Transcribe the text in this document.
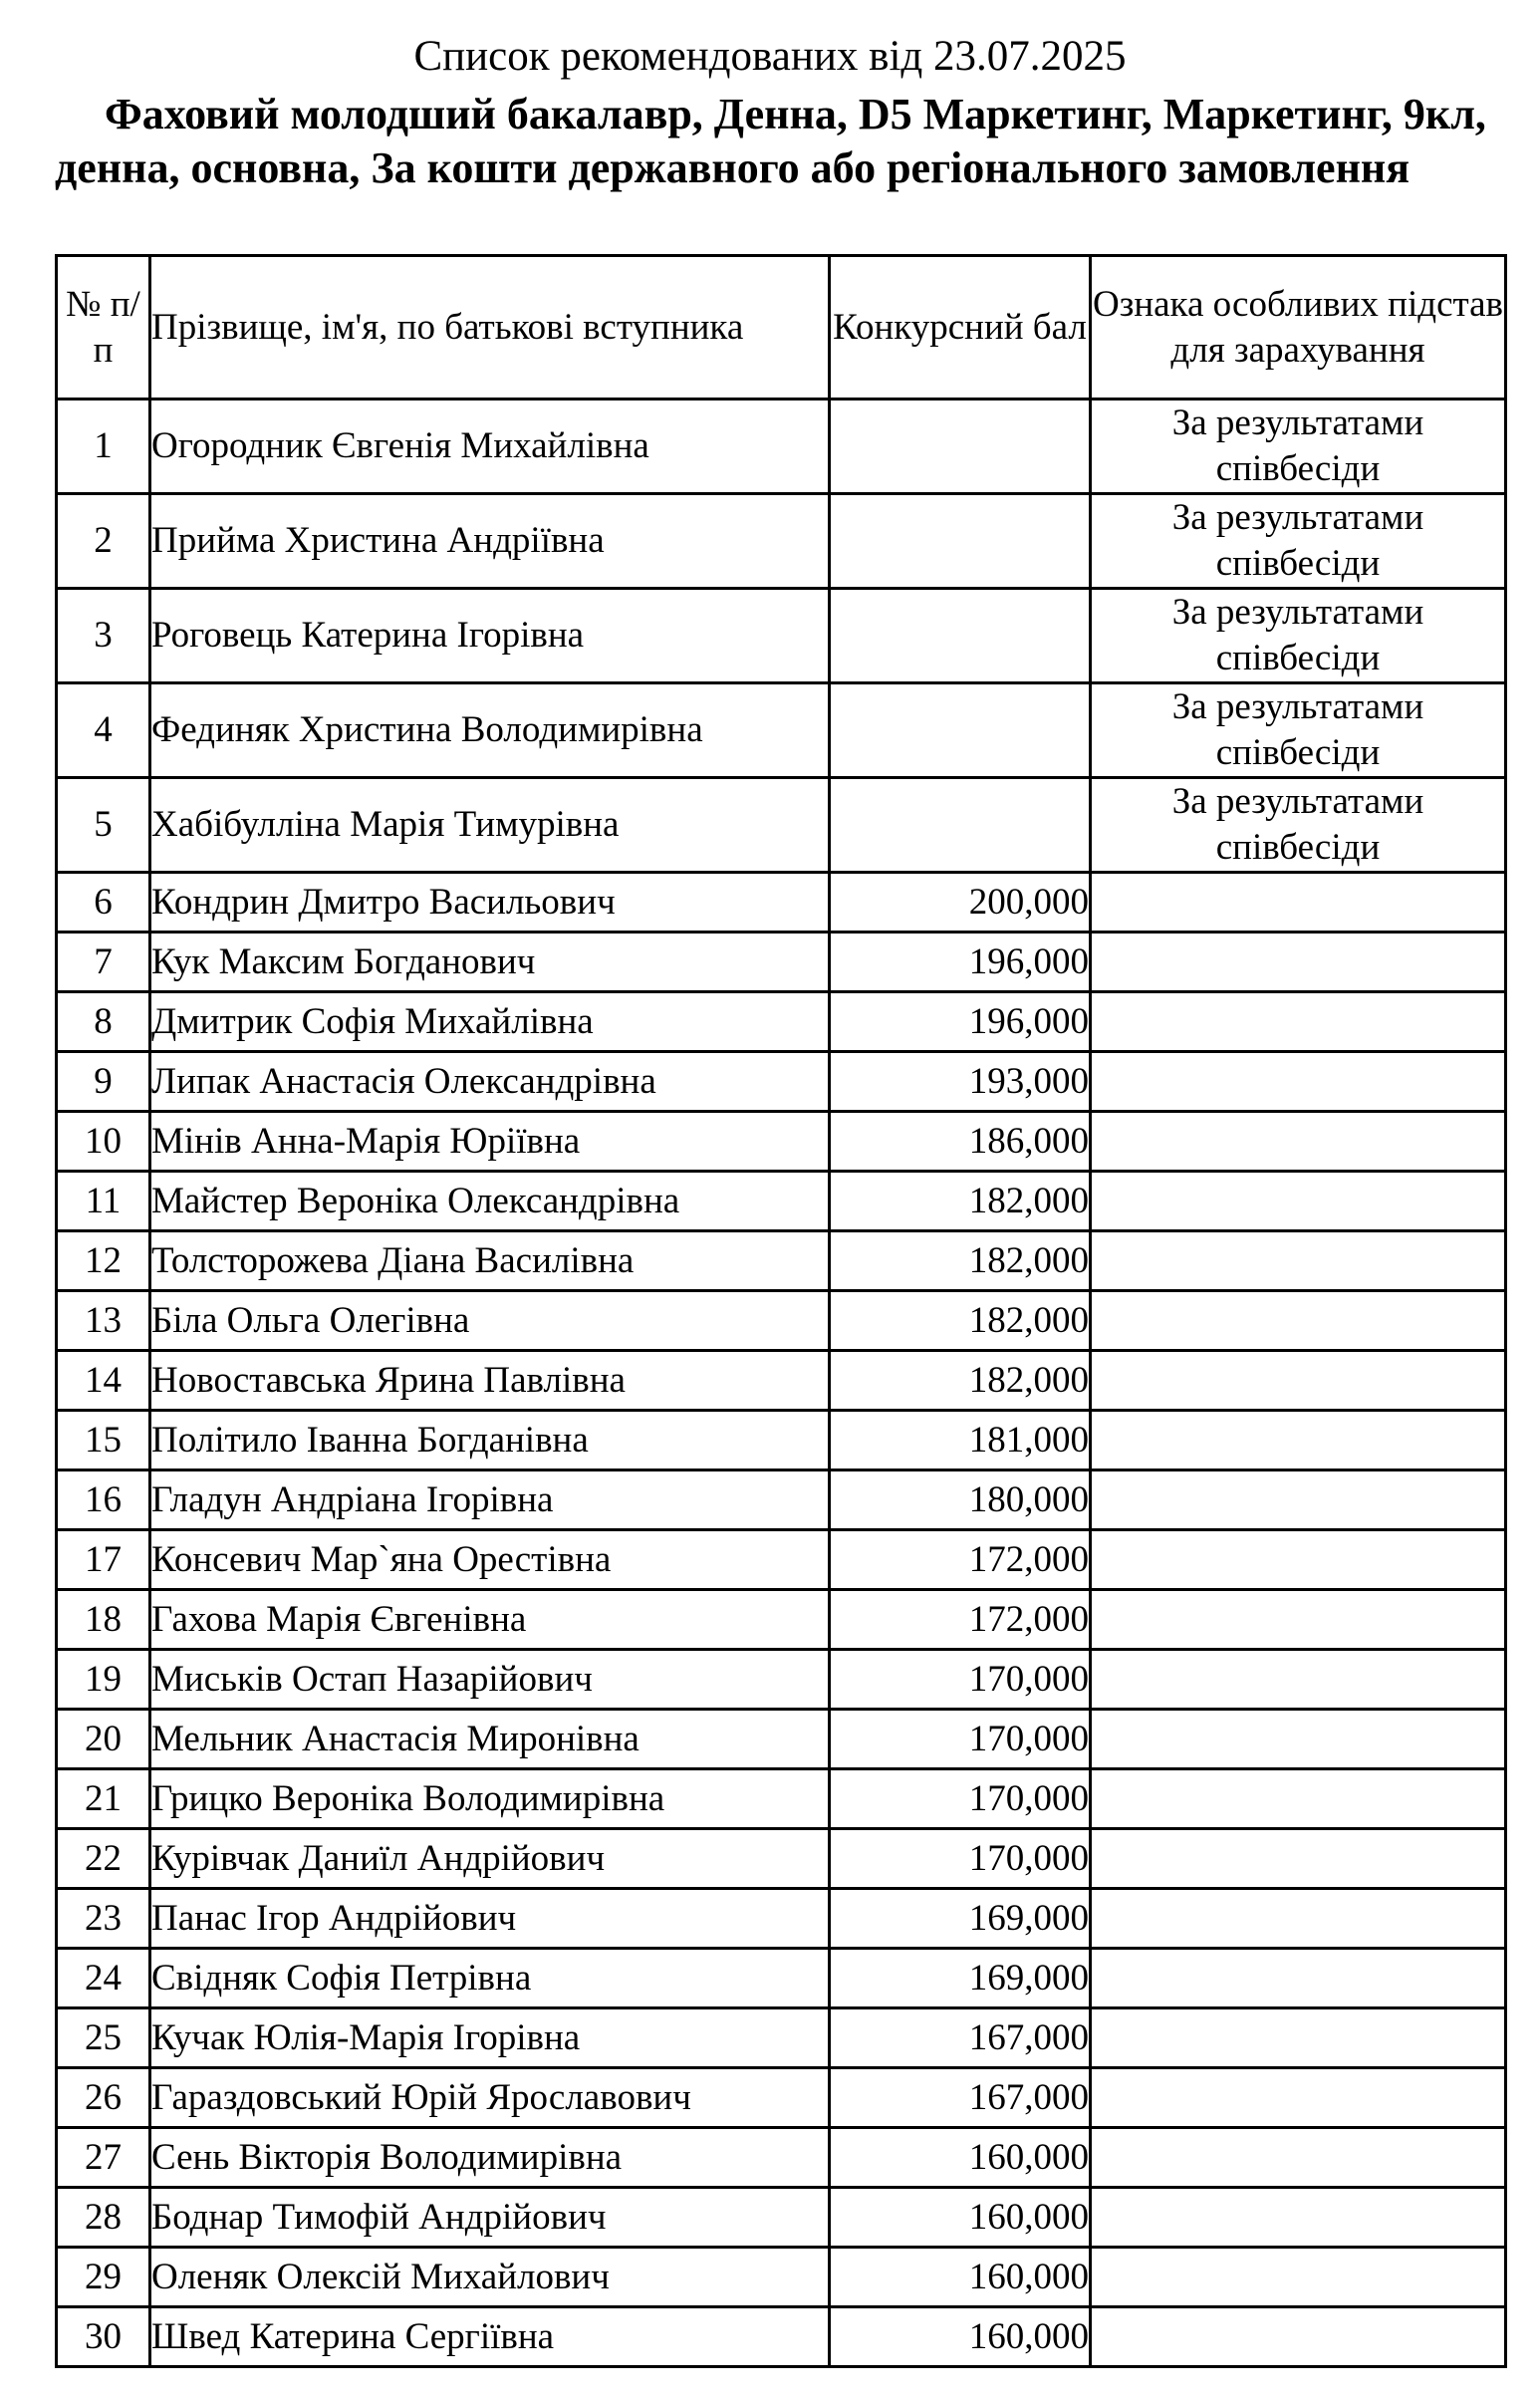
Список рекомендованих від 23.07.2025
Фаховий молодший бакалавр, Денна, D5 Маркетинг, Маркетинг, 9кл, денна, основна, За кошти державного або регіонального замовлення
№ п/п	Прізвище, ім'я, по батькові вступника	Конкурсний бал	Ознака особливих підстав для зарахування
1	Огородник Євгенія Михайлівна		За результатами співбесіди
2	Прийма Христина Андріївна		За результатами співбесіди
3	Роговець Катерина Ігорівна		За результатами співбесіди
4	Фединяк Христина Володимирівна		За результатами співбесіди
5	Хабібулліна Марія Тимурівна		За результатами співбесіди
6	Кондрин Дмитро Васильович	200,000	
7	Кук Максим Богданович	196,000	
8	Дмитрик Софія Михайлівна	196,000	
9	Липак Анастасія Олександрівна	193,000	
10	Мінів Анна-Марія Юріївна	186,000	
11	Майстер Вероніка Олександрівна	182,000	
12	Толсторожева Діана Василівна	182,000	
13	Біла Ольга Олегівна	182,000	
14	Новоставська Ярина Павлівна	182,000	
15	Політило Іванна Богданівна	181,000	
16	Гладун Андріана Ігорівна	180,000	
17	Консевич Мар`яна Орестівна	172,000	
18	Гахова Марія Євгенівна	172,000	
19	Миськів Остап Назарійович	170,000	
20	Мельник Анастасія Миронівна	170,000	
21	Грицко Вероніка Володимирівна	170,000	
22	Курівчак Даниїл Андрійович	170,000	
23	Панас Ігор Андрійович	169,000	
24	Свідняк Софія Петрівна	169,000	
25	Кучак Юлія-Марія Ігорівна	167,000	
26	Гараздовський Юрій Ярославович	167,000	
27	Сень Вікторія Володимирівна	160,000	
28	Боднар Тимофій Андрійович	160,000	
29	Оленяк Олексій Михайлович	160,000	
30	Швед Катерина Сергіївна	160,000	
